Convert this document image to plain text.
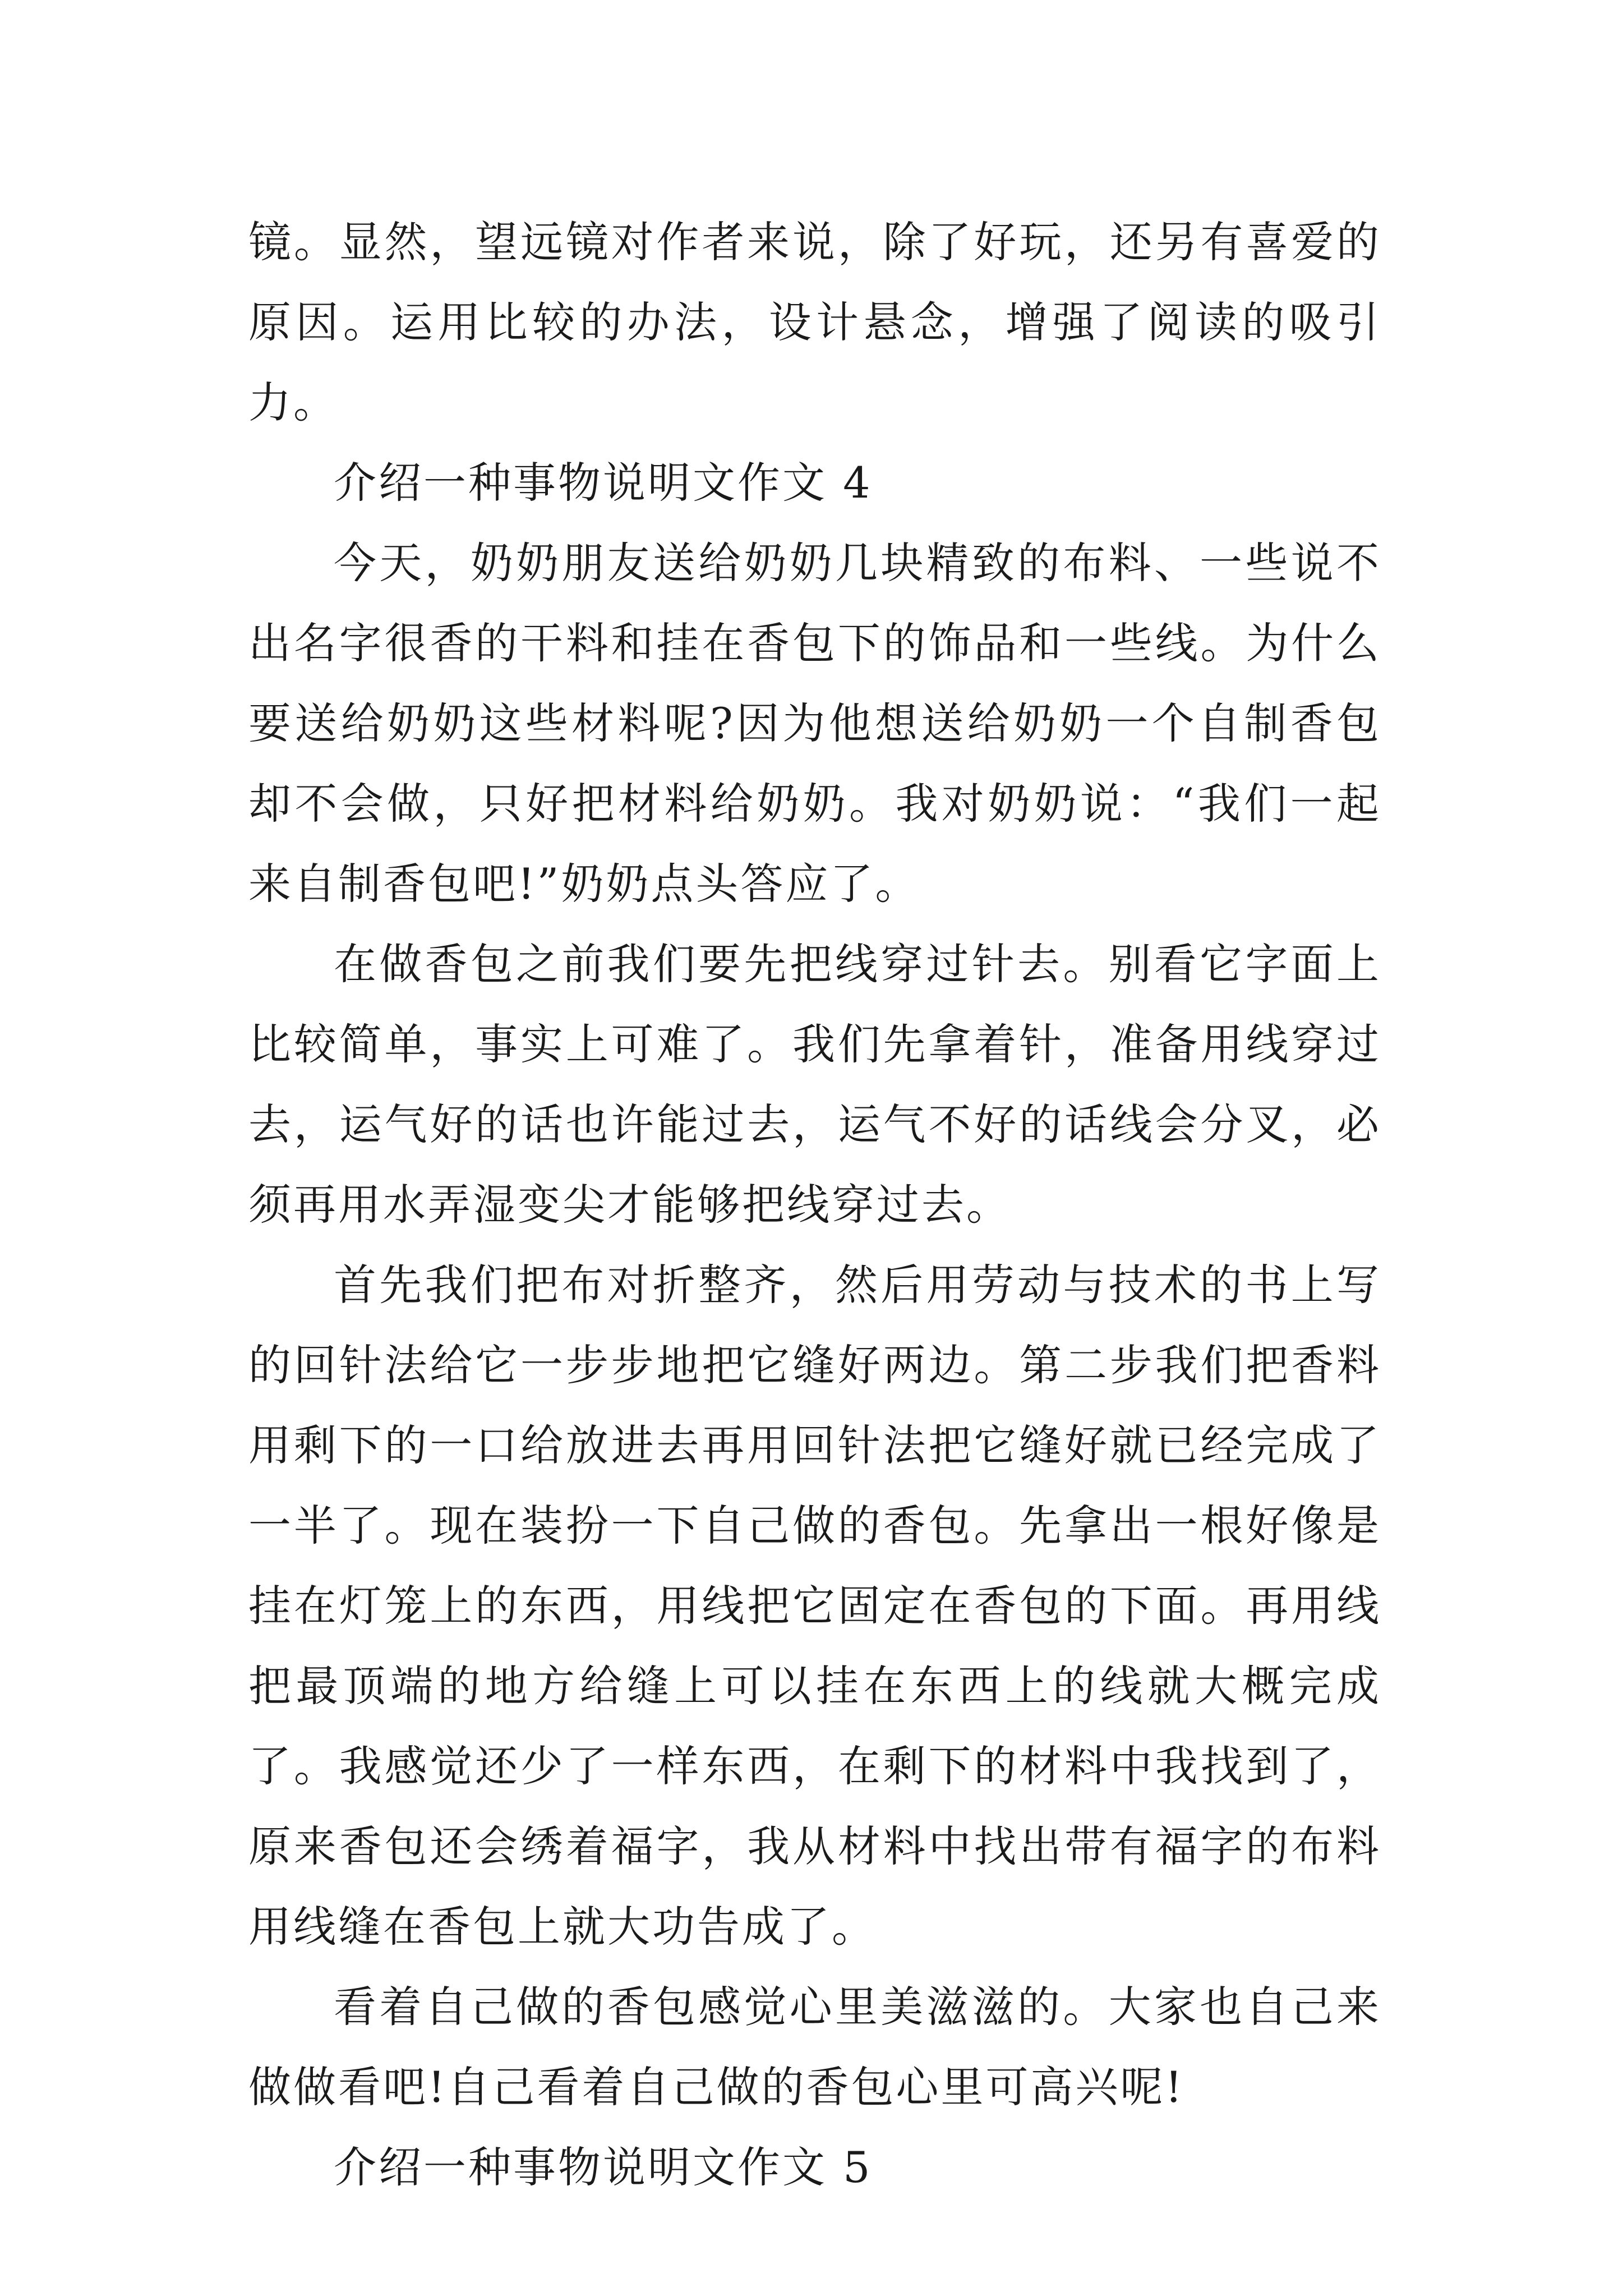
镜。显然，望远镜对作者来说，除了好玩，还另有喜爱的原因。运用比较的办法，设计悬念，增强了阅读的吸引力。

介绍一种事物说明文作文 4

今天，奶奶朋友送给奶奶几块精致的布料、一些说不出名字很香的干料和挂在香包下的饰品和一些线。为什么要送给奶奶这些材料呢?因为他想送给奶奶一个自制香包却不会做，只好把材料给奶奶。我对奶奶说：“我们一起来自制香包吧!”奶奶点头答应了。

在做香包之前我们要先把线穿过针去。别看它字面上比较简单，事实上可难了。我们先拿着针，准备用线穿过去，运气好的话也许能过去，运气不好的话线会分叉，必须再用水弄湿变尖才能够把线穿过去。

首先我们把布对折整齐，然后用劳动与技术的书上写的回针法给它一步步地把它缝好两边。第二步我们把香料用剩下的一口给放进去再用回针法把它缝好就已经完成了一半了。现在装扮一下自己做的香包。先拿出一根好像是挂在灯笼上的东西，用线把它固定在香包的下面。再用线把最顶端的地方给缝上可以挂在东西上的线就大概完成了。我感觉还少了一样东西，在剩下的材料中我找到了，原来香包还会绣着福字，我从材料中找出带有福字的布料用线缝在香包上就大功告成了。

看着自己做的香包感觉心里美滋滋的。大家也自己来做做看吧!自己看着自己做的香包心里可高兴呢!

介绍一种事物说明文作文 5
